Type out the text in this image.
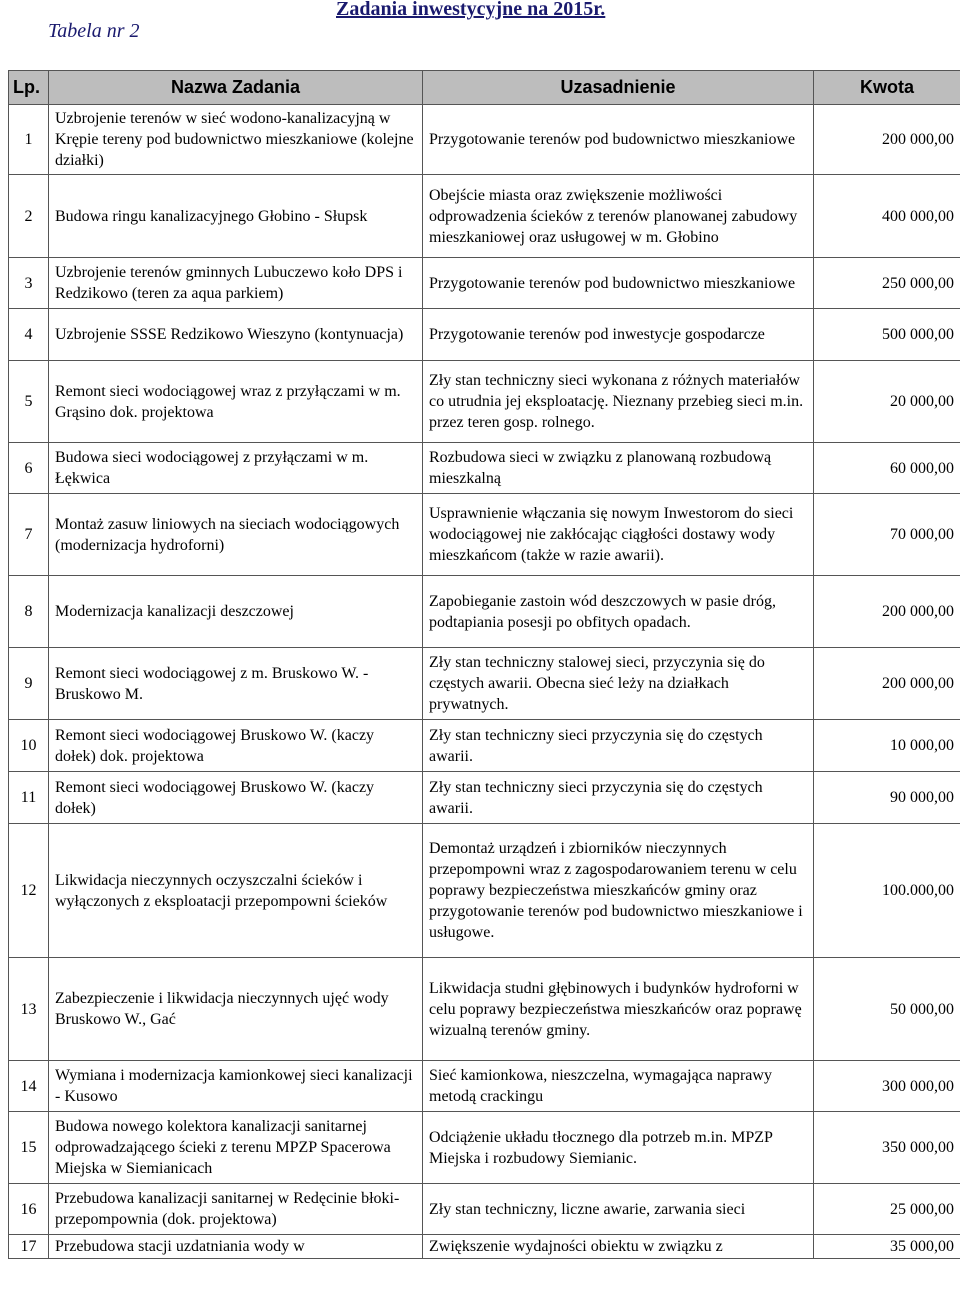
Tabela nr 2
Zadania inwestycyjne na 2015r.
Lp.	Nazwa Zadania	Uzasadnienie	Kwota
1	Uzbrojenie terenów w sieć wodono-kanalizacyjną w Krępie tereny pod budownictwo mieszkaniowe (kolejne działki)	Przygotowanie terenów pod budownictwo mieszkaniowe	200 000,00
2	Budowa ringu kanalizacyjnego Głobino - Słupsk	Obejście miasta oraz zwiększenie możliwości odprowadzenia ścieków z terenów planowanej zabudowy mieszkaniowej oraz usługowej w m. Głobino	400 000,00
3	Uzbrojenie terenów gminnych Lubuczewo koło DPS i Redzikowo (teren za aqua parkiem)	Przygotowanie terenów pod budownictwo mieszkaniowe	250 000,00
4	Uzbrojenie SSSE Redzikowo Wieszyno (kontynuacja)	Przygotowanie terenów pod inwestycje gospodarcze	500 000,00
5	Remont sieci wodociągowej wraz z przyłączami w m. Grąsino dok. projektowa	Zły stan techniczny sieci wykonana z różnych materiałów co utrudnia jej eksploatację. Nieznany przebieg sieci m.in. przez teren gosp. rolnego.	20 000,00
6	Budowa sieci wodociągowej z przyłączami w m. Łękwica	Rozbudowa sieci w związku z planowaną rozbudową mieszkalną	60 000,00
7	Montaż zasuw liniowych na sieciach wodociągowych (modernizacja hydroforni)	Usprawnienie włączania się nowym Inwestorom do sieci wodociągowej nie zakłócając ciągłości dostawy wody mieszkańcom (także w razie awarii).	70 000,00
8	Modernizacja kanalizacji deszczowej	Zapobieganie zastoin wód deszczowych w pasie dróg, podtapiania posesji po obfitych opadach.	200 000,00
9	Remont sieci wodociągowej z m. Bruskowo W. - Bruskowo M.	Zły stan techniczny stalowej sieci, przyczynia się do częstych awarii. Obecna sieć leży na działkach prywatnych.	200 000,00
10	Remont sieci wodociągowej Bruskowo W. (kaczy dołek) dok. projektowa	Zły stan techniczny sieci przyczynia się do częstych awarii.	10 000,00
11	Remont sieci wodociągowej Bruskowo W. (kaczy dołek)	Zły stan techniczny sieci przyczynia się do częstych awarii.	90 000,00
12	Likwidacja nieczynnych oczyszczalni ścieków i wyłączonych z eksploatacji przepompowni ścieków	Demontaż urządzeń i zbiorników nieczynnych przepompowni wraz z zagospodarowaniem terenu w celu poprawy bezpieczeństwa mieszkańców gminy oraz przygotowanie terenów pod budownictwo mieszkaniowe i usługowe.	100.000,00
13	Zabezpieczenie i likwidacja nieczynnych ujęć wody Bruskowo W., Gać	Likwidacja studni głębinowych i budynków hydroforni w celu poprawy bezpieczeństwa mieszkańców oraz poprawę wizualną terenów gminy.	50 000,00
14	Wymiana i modernizacja kamionkowej sieci kanalizacji - Kusowo	Sieć kamionkowa, nieszczelna, wymagająca naprawy metodą crackingu	300 000,00
15	Budowa nowego kolektora kanalizacji sanitarnej odprowadzającego ścieki z terenu MPZP Spacerowa Miejska w Siemianicach	Odciążenie układu tłocznego dla potrzeb m.in. MPZP Miejska i rozbudowy Siemianic.	350 000,00
16	Przebudowa kanalizacji sanitarnej w Redęcinie błoki-przepompownia (dok. projektowa)	Zły stan techniczny, liczne awarie, zarwania sieci	25 000,00
17	Przebudowa stacji uzdatniania wody w	Zwiększenie wydajności obiektu w związku z	35 000,00
